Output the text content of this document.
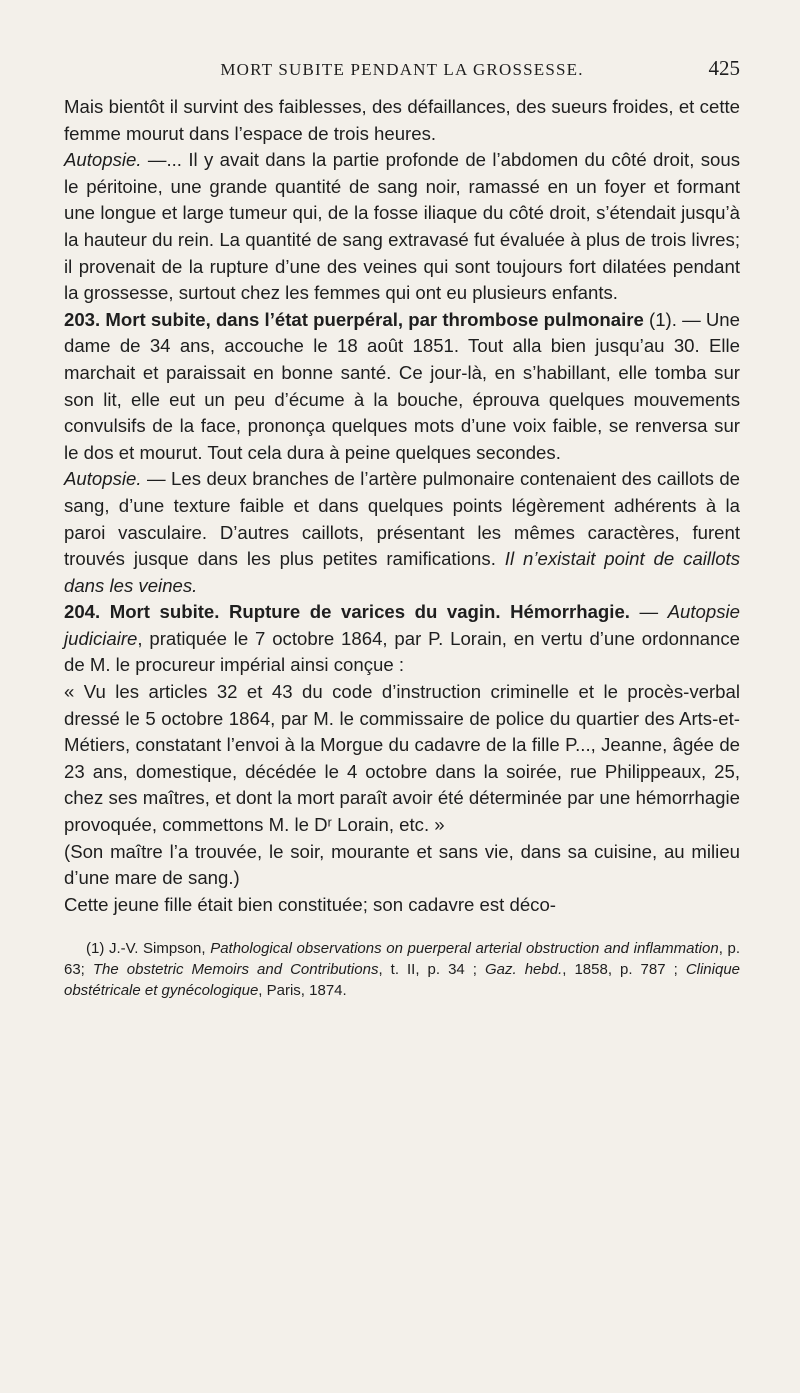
MORT SUBITE PENDANT LA GROSSESSE.	425

Mais bientôt il survint des faiblesses, des défaillances, des sueurs froides, et cette femme mourut dans l’espace de trois heures.

Autopsie. —... Il y avait dans la partie profonde de l’abdomen du côté droit, sous le péritoine, une grande quantité de sang noir, ramassé en un foyer et formant une longue et large tumeur qui, de la fosse iliaque du côté droit, s’étendait jusqu’à la hauteur du rein. La quantité de sang extravasé fut évaluée à plus de trois livres; il provenait de la rupture d’une des veines qui sont toujours fort dilatées pendant la grossesse, surtout chez les femmes qui ont eu plusieurs enfants.

203. Mort subite, dans l’état puerpéral, par thrombose pulmonaire (1). — Une dame de 34 ans, accouche le 18 août 1851. Tout alla bien jusqu’au 30. Elle marchait et paraissait en bonne santé. Ce jour-là, en s’habillant, elle tomba sur son lit, elle eut un peu d’écume à la bouche, éprouva quelques mouvements convulsifs de la face, prononça quelques mots d’une voix faible, se renversa sur le dos et mourut. Tout cela dura à peine quelques secondes.

Autopsie. — Les deux branches de l’artère pulmonaire contenaient des caillots de sang, d’une texture faible et dans quelques points légèrement adhérents à la paroi vasculaire. D’autres caillots, présentant les mêmes caractères, furent trouvés jusque dans les plus petites ramifications. Il n’existait point de caillots dans les veines.

204. Mort subite. Rupture de varices du vagin. Hémorrhagie. — Autopsie judiciaire, pratiquée le 7 octobre 1864, par P. Lorain, en vertu d’une ordonnance de M. le procureur impérial ainsi conçue :

« Vu les articles 32 et 43 du code d’instruction criminelle et le procès-verbal dressé le 5 octobre 1864, par M. le commissaire de police du quartier des Arts-et-Métiers, constatant l’envoi à la Morgue du cadavre de la fille P..., Jeanne, âgée de 23 ans, domestique, décédée le 4 octobre dans la soirée, rue Philippeaux, 25, chez ses maîtres, et dont la mort paraît avoir été déterminée par une hémorrhagie provoquée, commettons M. le Dʳ Lorain, etc. »

(Son maître l’a trouvée, le soir, mourante et sans vie, dans sa cuisine, au milieu d’une mare de sang.)

Cette jeune fille était bien constituée; son cadavre est déco-

(1) J.-V. Simpson, Pathological observations on puerperal arterial obstruction and inflammation, p. 63; The obstetric Memoirs and Contributions, t. II, p. 34 ; Gaz. hebd., 1858, p. 787 ; Clinique obstétricale et gynécologique, Paris, 1874.
